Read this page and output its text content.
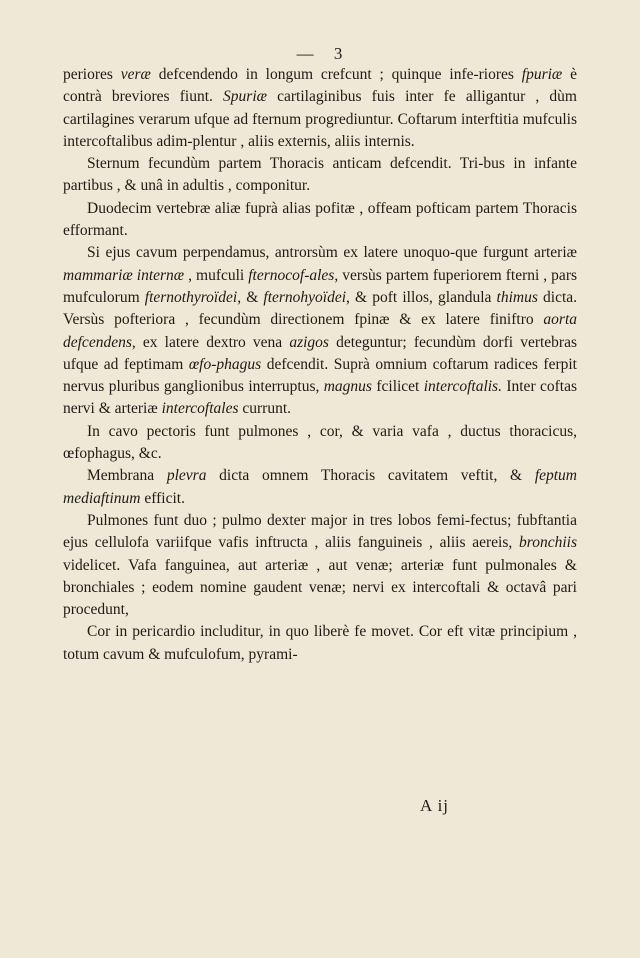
— 3

periores veræ defcendendo in longum crefcunt ; quinque infe-riores fpuriæ è contrà breviores fiunt. Spuriæ cartilaginibus fuis inter fe alligantur , dùm cartilagines verarum ufque ad fternum progrediuntur. Coftarum interftitia mufculis intercoftalibus adim-plentur , aliis externis, aliis internis.

Sternum fecundùm partem Thoracis anticam defcendit. Tri-bus in infante partibus , & unâ in adultis , componitur.

Duodecim vertebræ aliæ fuprà alias pofitæ , offeam pofticam partem Thoracis efformant.

Si ejus cavum perpendamus, antrorsùm ex latere unoquo-que furgunt arteriæ mammariæ internæ , mufculi fternocof-ales, versùs partem fuperiorem fterni , pars mufculorum fternothyroïdei, & fternohyoïdei, & poft illos, glandula thimus dicta. Versùs pofteriora , fecundùm directionem fpinæ & ex latere finiftro aorta defcendens, ex latere dextro vena azigos deteguntur; fecundùm dorfi vertebras ufque ad feptimam œfo-phagus defcendit. Suprà omnium coftarum radices ferpit nervus pluribus ganglionibus interruptus, magnus fcilicet intercoftalis. Inter coftas nervi & arteriæ intercoftales currunt.

In cavo pectoris funt pulmones , cor, & varia vafa , ductus thoracicus, œfophagus, &c.

Membrana plevra dicta omnem Thoracis cavitatem veftit, & feptum mediaftinum efficit.

Pulmones funt duo ; pulmo dexter major in tres lobos femi-fectus; fubftantia ejus cellulofa variifque vafis inftructa , aliis fanguineis , aliis aereis, bronchiis videlicet. Vafa fanguinea, aut arteriæ , aut venæ; arteriæ funt pulmonales & bronchiales ; eodem nomine gaudent venæ; nervi ex intercoftali & octavâ pari procedunt,

Cor in pericardio includitur, in quo liberè fe movet. Cor eft vitæ principium , totum cavum & mufculofum, pyrami-

A ij
